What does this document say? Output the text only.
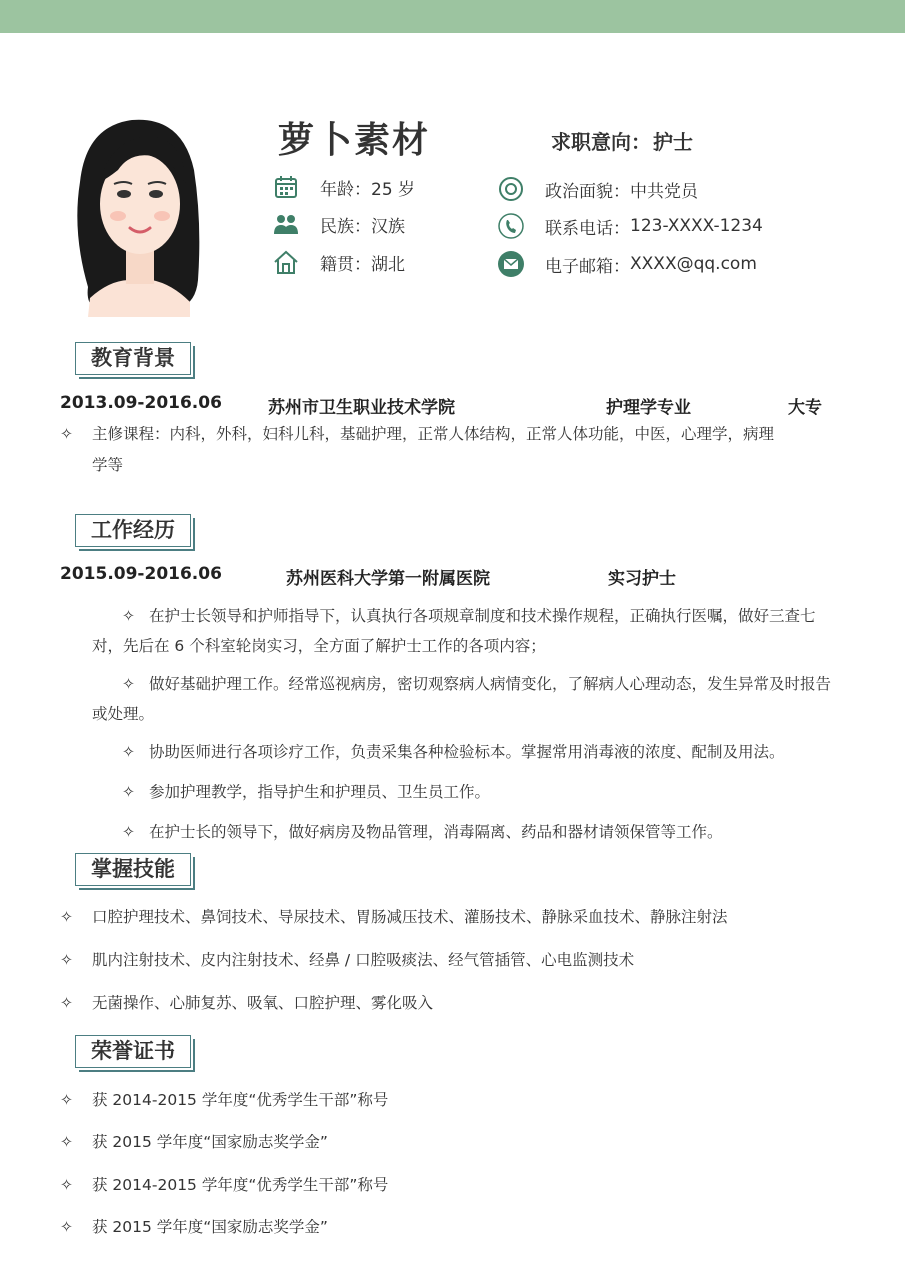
萝卜素材	求职意向： 护士
年龄： 25 岁
民族： 汉族
籍贯： 湖北
政治面貌： 中共党员
联系电话： 123-XXXX-1234
电子邮箱： XXXX@qq.com
教育背景
2013.09-2016.06	苏州市卫生职业技术学院	护理学专业	大专
✧	主修课程：内科，外科，妇科儿科，基础护理，正常人体结构，正常人体功能，中医，心理学，病理
学等
工作经历
2015.09-2016.06	苏州医科大学第一附属医院	实习护士
✧ 在护士长领导和护师指导下，认真执行各项规章制度和技术操作规程，正确执行医嘱，做好三查七对，先后在 6 个科室轮岗实习，全方面了解护士工作的各项内容；
✧ 做好基础护理工作。经常巡视病房，密切观察病人病情变化，了解病人心理动态，发生异常及时报告或处理。
✧ 协助医师进行各项诊疗工作，负责采集各种检验标本。掌握常用消毒液的浓度、配制及用法。
✧ 参加护理教学，指导护生和护理员、卫生员工作。
✧ 在护士长的领导下，做好病房及物品管理，消毒隔离、药品和器材请领保管等工作。
掌握技能
✧	口腔护理技术、鼻饲技术、导尿技术、胃肠减压技术、灌肠技术、静脉采血技术、静脉注射法
✧	肌内注射技术、皮内注射技术、经鼻 / 口腔吸痰法、经气管插管、心电监测技术
✧	无菌操作、心肺复苏、吸氧、口腔护理、雾化吸入
荣誉证书
✧	获 2014-2015 学年度“优秀学生干部”称号
✧	获 2015 学年度“国家励志奖学金”
✧	获 2014-2015 学年度“优秀学生干部”称号
✧	获 2015 学年度“国家励志奖学金”
